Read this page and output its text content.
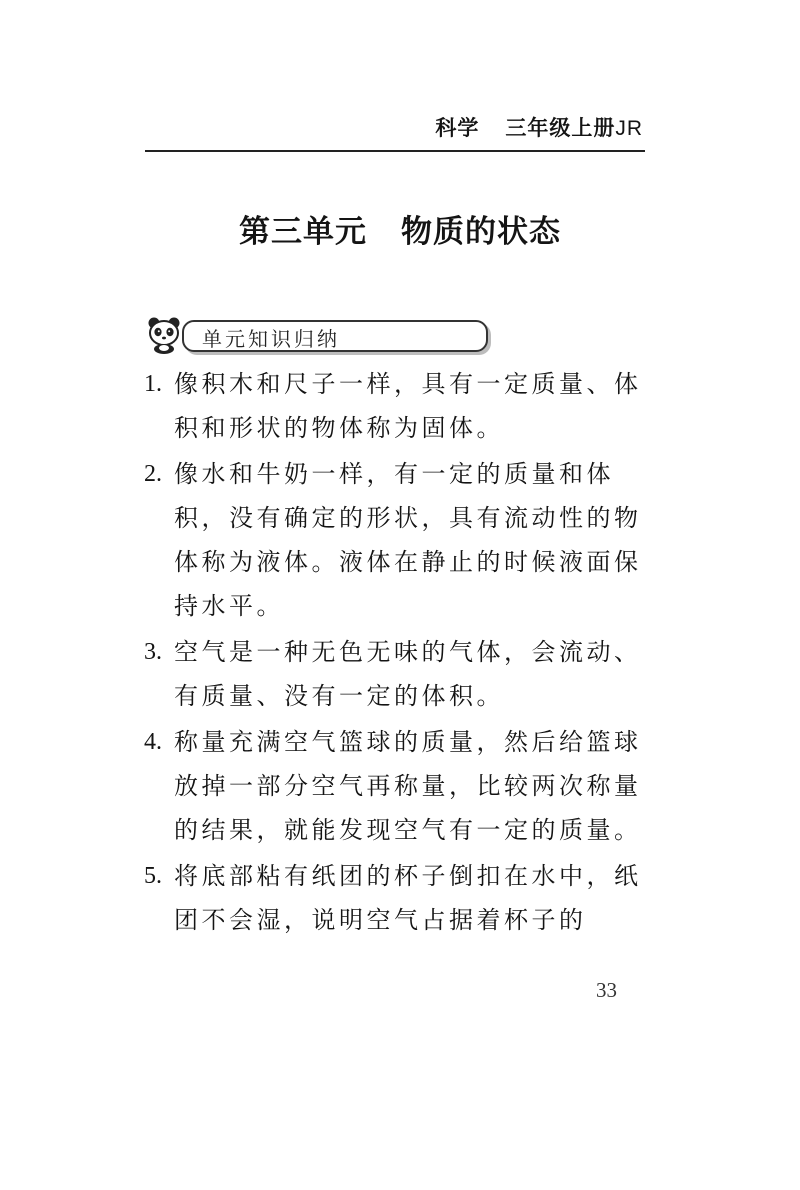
科学 三年级上册JR
第三单元 物质的状态
单元知识归纳
1. 像积木和尺子一样，具有一定质量、体积和形状的物体称为固体。
2. 像水和牛奶一样，有一定的质量和体积，没有确定的形状，具有流动性的物体称为液体。液体在静止的时候液面保持水平。
3. 空气是一种无色无味的气体，会流动、有质量、没有一定的体积。
4. 称量充满空气篮球的质量，然后给篮球放掉一部分空气再称量，比较两次称量的结果，就能发现空气有一定的质量。
5. 将底部粘有纸团的杯子倒扣在水中，纸团不会湿，说明空气占据着杯子的
33
